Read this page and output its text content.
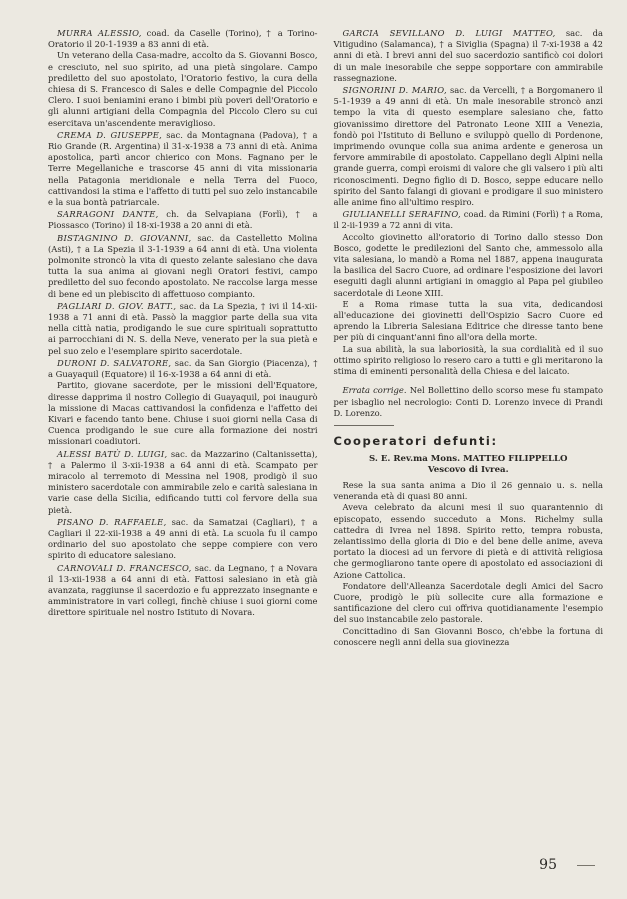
MURRA ALESSIO, coad. da Caselle (Torino), † a Torino-Oratorio il 20-1-1939 a 83 anni di età.

Un veterano della Casa-madre, accolto da S. Giovanni Bosco, e cresciuto, nel suo spirito, ad una pietà singolare. Campo prediletto del suo apostolato, l'Oratorio festivo, la cura della chiesa di S. Francesco di Sales e delle Compagnie del Piccolo Clero. I suoi beniamini erano i bimbi più poveri dell'Oratorio e gli alunni artigiani della Compagnia del Piccolo Clero su cui esercitava un'ascendente meraviglioso.

CREMA D. GIUSEPPE, sac. da Montagnana (Padova), † a Rio Grande (R. Argentina) il 31-x-1938 a 73 anni di età. Anima apostolica, partì ancor chierico con Mons. Fagnano per le Terre Megellaniche e trascorse 45 anni di vita missionaria nella Patagonia meridionale e nella Terra del Fuoco, cattivandosi la stima e l'affetto di tutti pel suo zelo instancabile e la sua bontà patriarcale.

SARRAGONI DANTE, ch. da Selvapiana (Forlì), † a Piossasco (Torino) il 18-xi-1938 a 20 anni di età.

BISTAGNINO D. GIOVANNI, sac. da Castelletto Molina (Asti), † a La Spezia il 3-1-1939 a 64 anni di età. Una violenta polmonite stroncò la vita di questo zelante salesiano che dava tutta la sua anima ai giovani negli Oratori festivi, campo prediletto del suo fecondo apostolato. Ne raccolse larga messe di bene ed un plebiscito di affettuoso compianto.

PAGLIARI D. GIOV. BATT., sac. da La Spezia, † ivi il 14-xii-1938 a 71 anni di età. Passò la maggior parte della sua vita nella città natia, prodigando le sue cure spirituali soprattutto ai parrocchiani di N. S. della Neve, venerato per la sua pietà e pel suo zelo e l'esemplare spirito sacerdotale.

DURONI D. SALVATORE, sac. da San Giorgio (Piacenza), † a Guayaquil (Equatore) il 16-x-1938 a 64 anni di età.

Partito, giovane sacerdote, per le missioni dell'Equatore, diresse dapprima il nostro Collegio di Guayaquil, poi inaugurò la missione di Macas cattivandosi la confidenza e l'affetto dei Kivari e facendo tanto bene. Chiuse i suoi giorni nella Casa di Cuenca prodigando le sue cure alla formazione dei nostri missionari coadiutori.

ALESSI BATÙ D. LUIGI, sac. da Mazzarino (Caltanissetta), † a Palermo il 3-xii-1938 a 64 anni di età. Scampato per miracolo al terremoto di Messina nel 1908, prodigò il suo ministero sacerdotale con ammirabile zelo e carità salesiana in varie case della Sicilia, edificando tutti col fervore della sua pietà.

PISANO D. RAFFAELE, sac. da Samatzai (Cagliari), † a Cagliari il 22-xii-1938 a 49 anni di età. La scuola fu il campo ordinario del suo apostolato che seppe compiere con vero spirito di educatore salesiano.

CARNOVALI D. FRANCESCO, sac. da Legnano, † a Novara il 13-xii-1938 a 64 anni di età. Fattosi salesiano in età già avanzata, raggiunse il sacerdozio e fu apprezzato insegnante e amministratore in vari collegi, finchè chiuse i suoi giorni come direttore spirituale nel nostro Istituto di Novara.

GARCIA SEVILLANO D. LUIGI MATTEO, sac. da Vitigudino (Salamanca), † a Siviglia (Spagna) il 7-xi-1938 a 42 anni di età. I brevi anni del suo sacerdozio santificò coi dolori di un male inesorabile che seppe sopportare con ammirabile rassegnazione.

SIGNORINI D. MARIO, sac. da Vercelli, † a Borgomanero il 5-1-1939 a 49 anni di età. Un male inesorabile stroncò anzi tempo la vita di questo esemplare salesiano che, fatto giovanissimo direttore del Patronato Leone XIII a Venezia, fondò poi l'Istituto di Belluno e sviluppò quello di Pordenone, imprimendo ovunque colla sua anima ardente e generosa un fervore ammirabile di apostolato. Cappellano degli Alpini nella grande guerra, compì eroismi di valore che gli valsero i più alti riconoscimenti. Degno figlio di D. Bosco, seppe educare nello spirito del Santo falangi di giovani e prodigare il suo ministero alle anime fino all'ultimo respiro.

GIULIANELLI SERAFINO, coad. da Rimini (Forlì) † a Roma, il 2-ii-1939 a 72 anni di vita.

Accolto giovinetto all'oratorio di Torino dallo stesso Don Bosco, godette le predilezioni del Santo che, ammessolo alla vita salesiana, lo mandò a Roma nel 1887, appena inaugurata la basilica del Sacro Cuore, ad ordinare l'esposizione dei lavori eseguiti dagli alunni artigiani in omaggio al Papa pel giubileo sacerdotale di Leone XIII.

E a Roma rimase tutta la sua vita, dedicandosi all'educazione dei giovinetti dell'Ospizio Sacro Cuore ed aprendo la Libreria Salesiana Editrice che diresse tanto bene per più di cinquant'anni fino all'ora della morte.

La sua abilità, la sua laboriosità, la sua cordialità ed il suo ottimo spirito religioso lo resero caro a tutti e gli meritarono la stima di eminenti personalità della Chiesa e del laicato.

Errata corrige. Nel Bollettino dello scorso mese fu stampato per isbaglio nel necrologio: Conti D. Lorenzo invece di Prandi D. Lorenzo.
Cooperatori defunti:
S. E. Rev.ma Mons. MATTEO FILIPPELLO
Vescovo di Ivrea.

Rese la sua santa anima a Dio il 26 gennaio u. s. nella veneranda età di quasi 80 anni.

Aveva celebrato da alcuni mesi il suo quarantennio di episcopato, essendo succeduto a Mons. Richelmy sulla cattedra di Ivrea nel 1898. Spirito retto, tempra robusta, zelantissimo della gloria di Dio e del bene delle anime, aveva portato la diocesi ad un fervore di pietà e di attività religiosa che germogliarono tante opere di apostolato ed associazioni di Azione Cattolica.

Fondatore dell'Alleanza Sacerdotale degli Amici del Sacro Cuore, prodigò le più sollecite cure alla formazione e santificazione del clero cui offriva quotidianamente l'esempio del suo instancabile zelo pastorale.

Concittadino di San Giovanni Bosco, ch'ebbe la fortuna di conoscere negli anni della sua giovinezza

95
